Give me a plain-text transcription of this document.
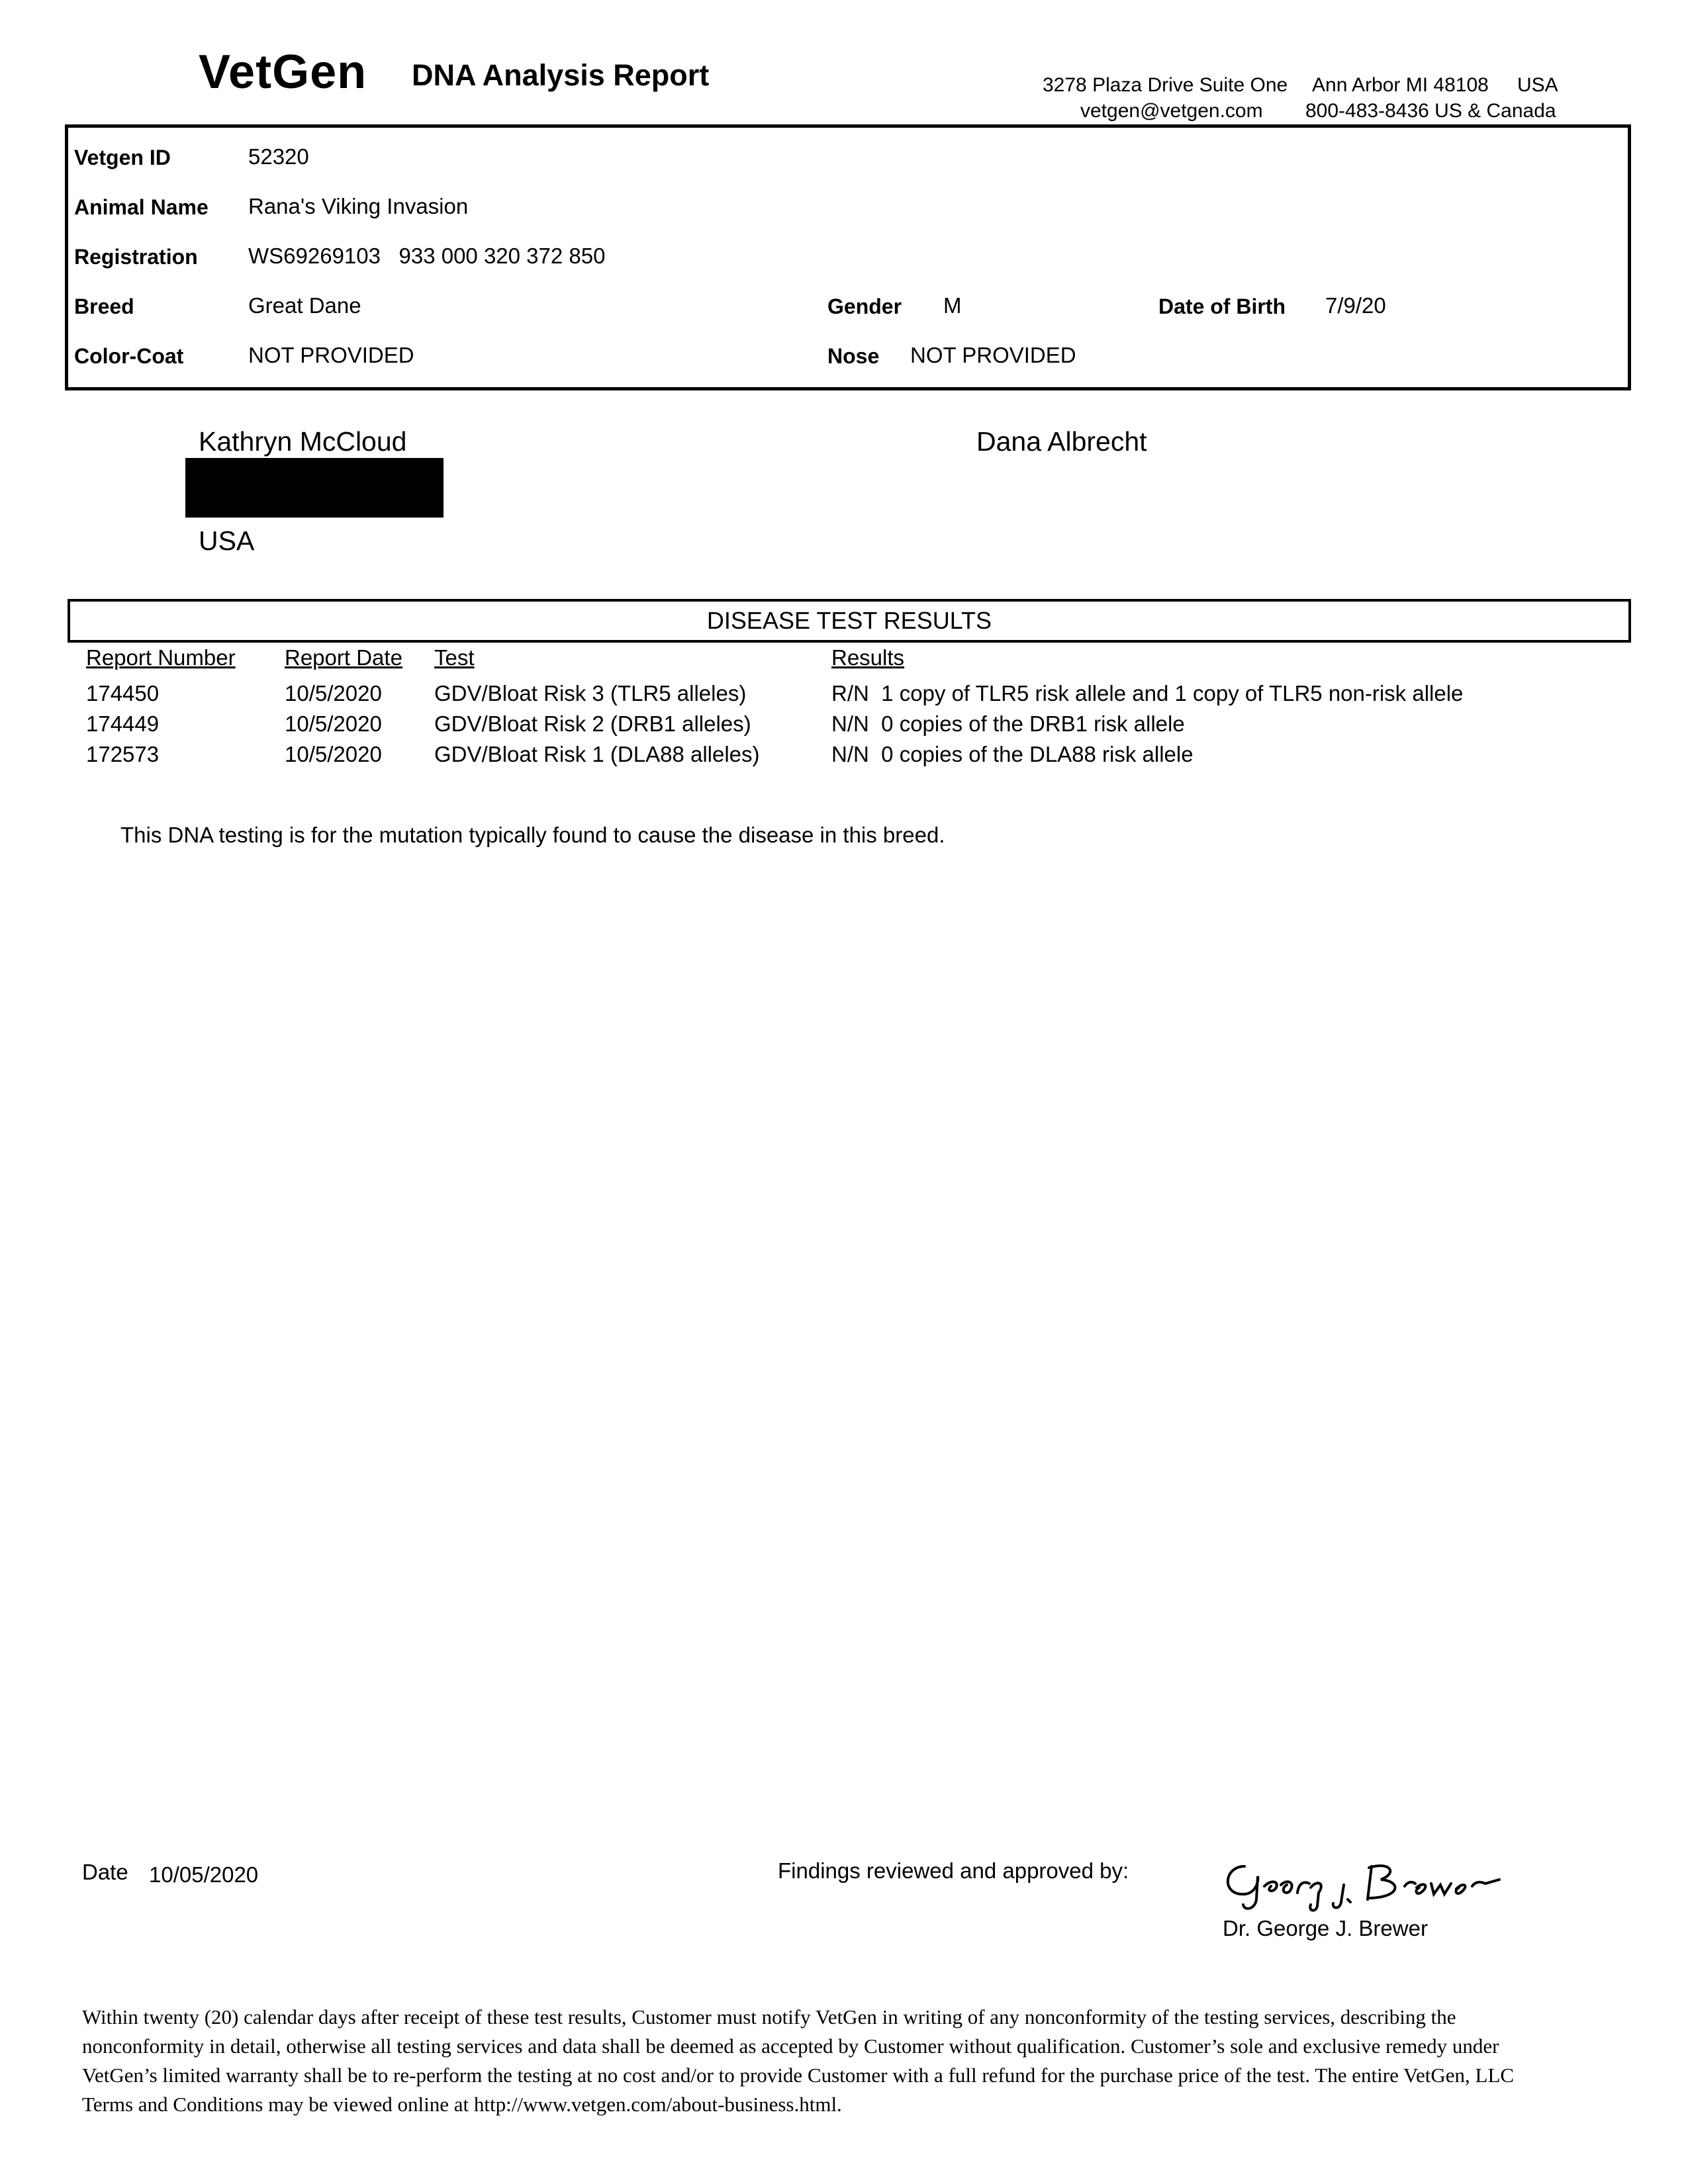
VetGen DNA Analysis Report	3278 Plaza Drive Suite One Ann Arbor MI 48108 USA
vetgen@vetgen.com 800-483-8436 US & Canada
Vetgen ID	52320
Animal Name Rana's Viking Invasion
Registration WS69269103   933 000 320 372 850
Breed	Great Dane	Gender M	Date of Birth 7/9/20
Color-Coat	NOT PROVIDED	Nose NOT PROVIDED
Kathryn McCloud
USA
Dana Albrecht
DISEASE TEST RESULTS
Report Number Report Date Test	Results
174450	10/5/2020 GDV/Bloat Risk 3 (TLR5 alleles)	R/N  1 copy of TLR5 risk allele and 1 copy of TLR5 non-risk allele
174449	10/5/2020 GDV/Bloat Risk 2 (DRB1 alleles)	N/N  0 copies of the DRB1 risk allele
172573	10/5/2020 GDV/Bloat Risk 1 (DLA88 alleles)	N/N  0 copies of the DLA88 risk allele
This DNA testing is for the mutation typically found to cause the disease in this breed.
Date 10/05/2020	Findings reviewed and approved by:
Dr. George J. Brewer
Within twenty (20) calendar days after receipt of these test results, Customer must notify VetGen in writing of any nonconformity of the testing services, describing the nonconformity in detail, otherwise all testing services and data shall be deemed as accepted by Customer without qualification. Customer’s sole and exclusive remedy under VetGen’s limited warranty shall be to re-perform the testing at no cost and/or to provide Customer with a full refund for the purchase price of the test. The entire VetGen, LLC Terms and Conditions may be viewed online at http://www.vetgen.com/about-business.html.
